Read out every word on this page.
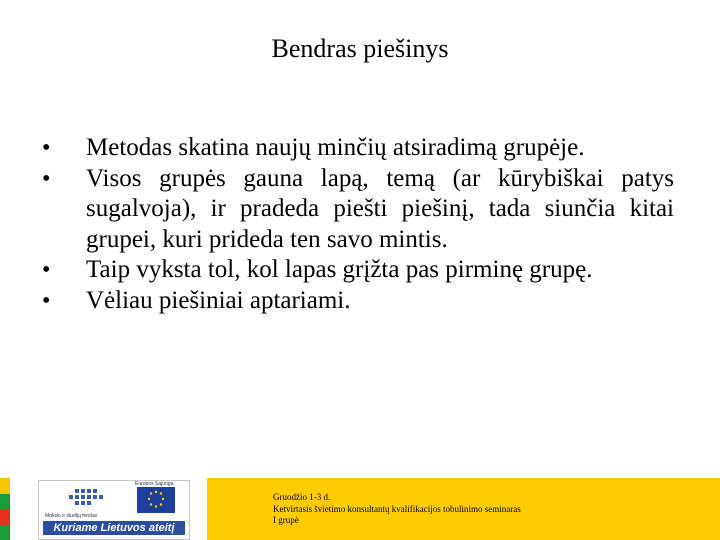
Bendras piešinys
•	Metodas skatina naujų minčių atsiradimą grupėje.
•	Visos grupės gauna lapą, temą (ar kūrybiškai patys sugalvoja), ir pradeda piešti piešinį, tada siunčia kitai grupei, kuri prideda ten savo mintis.
•	Taip vyksta tol, kol lapas grįžta pas pirminę grupę.
•	Vėliau piešiniai aptariami.
Mokslo ir studijų fondas
Europos Sąjunga
Kuriame Lietuvos ateitį
Gruodžio 1-3 d.
Ketvirtasis švietimo konsultantų kvalifikacijos tobulinimo seminaras
I grupė
